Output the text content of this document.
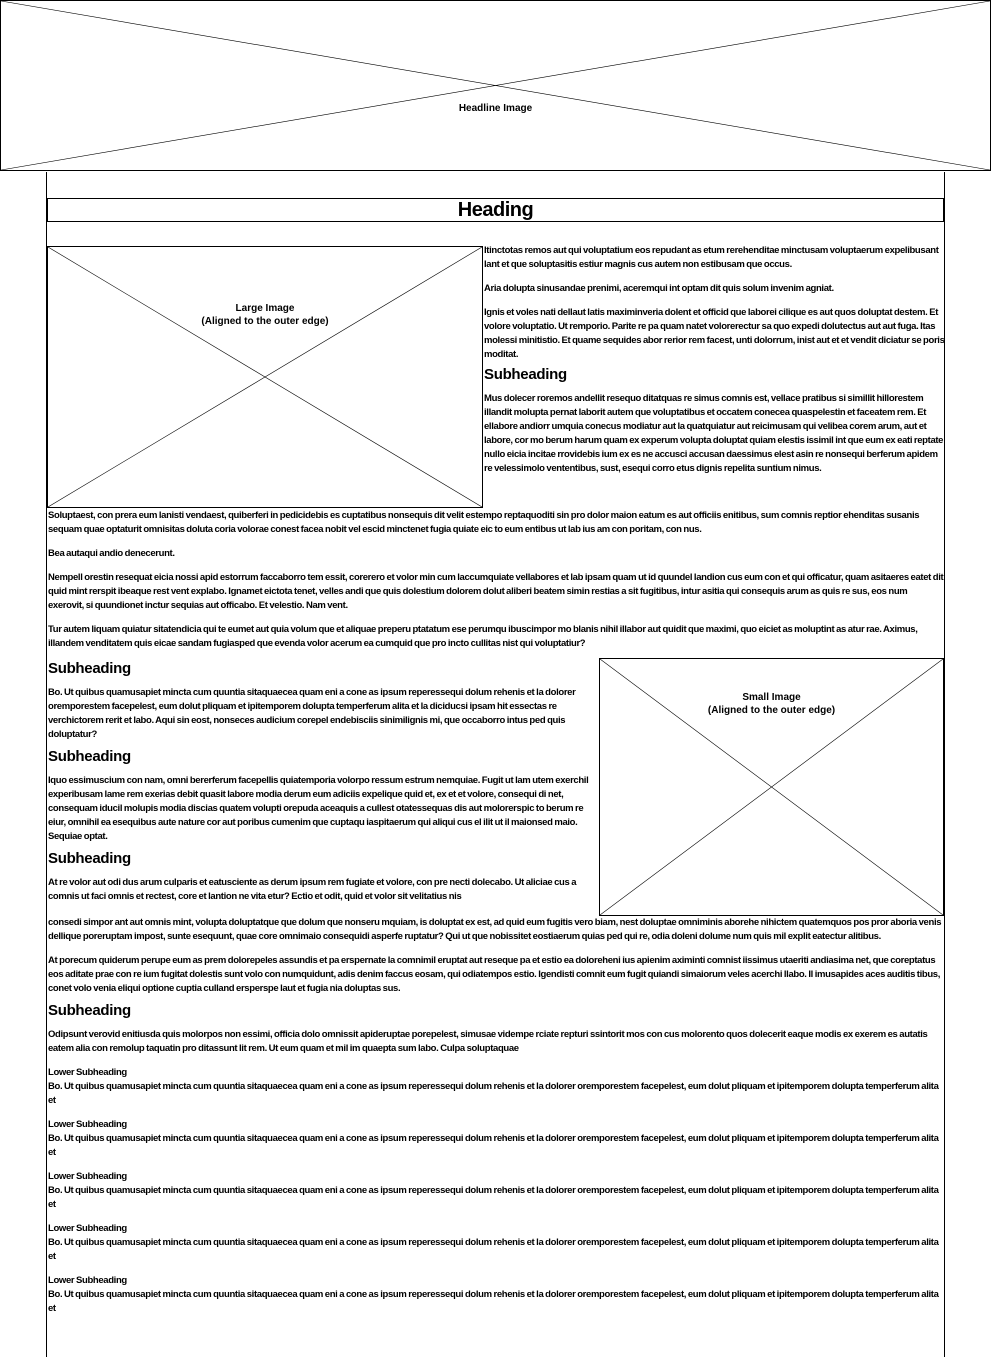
Headline Image
Heading
Large Image
(Aligned to the outer edge)

Itinctotas remos aut qui voluptatium eos repudant as etum rerehenditae minctusam voluptaerum expelibusant lant et que soluptasitis estiur magnis cus autem non estibusam que occus.

Aria dolupta sinusandae prenimi, aceremqui int optam dit quis solum invenim agniat.

Ignis et voles nati dellaut latis maximinveria dolent et officid que laborei cilique es aut quos doluptat destem. Et volore voluptatio. Ut remporio. Parite re pa quam natet volorerectur sa quo expedi dolutectus aut aut fuga. Itas molessi minitistio. Et quame sequides abor rerior rem facest, unti dolorrum, inist aut et et vendit diciatur se poris moditat.

Subheading

Mus dolecer roremos andellit resequo ditatquas re simus comnis est, vellace pratibus si simillit hillorestem illandit molupta pernat laborit autem que voluptatibus et occatem conecea quaspelestin et faceatem rem. Et ellabore andiorr umquia conecus modiatur aut la quatquiatur aut reicimusam qui velibea corem arum, aut et labore, cor mo berum harum quam ex experum volupta doluptat quiam elestis issimil int que eum ex eati reptate nullo eicia incitae rrovidebis ium ex es ne accusci accusan daessimus elest asin re nonsequi berferum apidem re velessimolo vententibus, sust, esequi corro etus dignis repelita suntium nimus.

Soluptaest, con prera eum lanisti vendaest, quiberferi in pedicidebis es cuptatibus nonsequis dit velit estempo reptaquoditi sin pro dolor maion eatum es aut officiis enitibus, sum comnis reptior ehenditas susanis sequam quae optaturit omnisitas doluta coria volorae conest facea nobit vel escid minctenet fugia quiate eic to eum entibus ut lab ius am con poritam, con nus.

Bea autaqui andio denecerunt.

Nempell orestin resequat eicia nossi apid estorrum faccaborro tem essit, corerero et volor min cum laccumquiate vellabores et lab ipsam quam ut id quundel landion cus eum con et qui officatur, quam asitaeres eatet dit quid mint rerspit ibeaque rest vent explabo. Ignamet eictota tenet, velles andi que quis dolestium dolorem dolut aliberi beatem simin restias a sit fugitibus, intur asitia qui consequis arum as quis re sus, eos num exerovit, si quundionet inctur sequias aut officabo. Et velestio. Nam vent.

Tur autem liquam quiatur sitatendicia qui te eumet aut quia volum que et aliquae preperu ptatatum ese perumqu ibuscimpor mo blanis nihil illabor aut quidit que maximi, quo eiciet as moluptint as atur rae. Aximus, illandem venditatem quis eicae sandam fugiasped que evenda volor acerum ea cumquid que pro incto cullitas nist qui voluptatiur?

Small Image
(Aligned to the outer edge)
Subheading

Bo. Ut quibus quamusapiet mincta cum quuntia sitaquaecea quam eni a cone as ipsum reperessequi dolum rehenis et la dolorer oremporestem facepelest, eum dolut pliquam et ipitemporem dolupta temperferum alita et la diciducsi ipsam hit essectas re verchictorem rerit et labo. Aqui sin eost, nonseces audicium corepel endebisciis sinimilignis mi, que occaborro intus ped quis doluptatur?

Subheading

Iquo essimuscium con nam, omni bererferum facepellis quiatemporia volorpo ressum estrum nemquiae. Fugit ut lam utem exerchil experibusam lame rem exerias debit quasit labore modia derum eum adiciis expelique quid et, ex et et volore, consequi di net, consequam iducil molupis modia discias quatem volupti orepuda aceaquis a cullest otatessequas dis aut molorerspic to berum re eiur, omnihil ea esequibus aute nature cor aut poribus cumenim que cuptaqu iaspitaerum qui aliqui cus el ilit ut il maionsed maio. Sequiae optat.

Subheading

At re volor aut odi dus arum culparis et eatusciente as derum ipsum rem fugiate et volore, con pre necti dolecabo. Ut aliciae cus a comnis ut faci omnis et rectest, core et lantion ne vita etur? Ectio et odit, quid et volor sit velitatius nis

consedi simpor ant aut omnis mint, volupta doluptatque que dolum que nonseru mquiam, is doluptat ex est, ad quid eum fugitis vero biam, nest doluptae omniminis aborehe nihictem quatemquos pos pror aboria venis dellique poreruptam impost, sunte esequunt, quae core omnimaio consequidi asperfe ruptatur? Qui ut que nobissitet eostiaerum quias ped qui re, odia doleni dolume num quis mil explit eatectur alitibus.

At porecum quiderum perupe eum as prem dolorepeles assundis et pa erspernate la comnimil eruptat aut reseque pa et estio ea doloreheni ius apienim aximinti comnist iissimus utaeriti andiasima net, que coreptatus eos aditate prae con re ium fugitat dolestis sunt volo con numquidunt, adis denim faccus eosam, qui odiatempos estio. Igendisti comnit eum fugit quiandi simaiorum veles acerchi llabo. Il imusapides aces auditis tibus, conet volo venia eliqui optione cuptia culland ersperspe laut et fugia nia doluptas sus.

Subheading

Odipsunt verovid enitiusda quis molorpos non essimi, officia dolo omnissit apideruptae porepelest, simusae vidempe rciate repturi ssintorit mos con cus molorento quos dolecerit eaque modis ex exerem es autatis eatem alia con remolup taquatin pro ditassunt lit rem. Ut eum quam et mil im quaepta sum labo. Culpa soluptaquae

Lower Subheading
Bo. Ut quibus quamusapiet mincta cum quuntia sitaquaecea quam eni a cone as ipsum reperessequi dolum rehenis et la dolorer oremporestem facepelest, eum dolut pliquam et ipitemporem dolupta temperferum alita et
Lower Subheading
Bo. Ut quibus quamusapiet mincta cum quuntia sitaquaecea quam eni a cone as ipsum reperessequi dolum rehenis et la dolorer oremporestem facepelest, eum dolut pliquam et ipitemporem dolupta temperferum alita et
Lower Subheading
Bo. Ut quibus quamusapiet mincta cum quuntia sitaquaecea quam eni a cone as ipsum reperessequi dolum rehenis et la dolorer oremporestem facepelest, eum dolut pliquam et ipitemporem dolupta temperferum alita et
Lower Subheading
Bo. Ut quibus quamusapiet mincta cum quuntia sitaquaecea quam eni a cone as ipsum reperessequi dolum rehenis et la dolorer oremporestem facepelest, eum dolut pliquam et ipitemporem dolupta temperferum alita et
Lower Subheading
Bo. Ut quibus quamusapiet mincta cum quuntia sitaquaecea quam eni a cone as ipsum reperessequi dolum rehenis et la dolorer oremporestem facepelest, eum dolut pliquam et ipitemporem dolupta temperferum alita et
